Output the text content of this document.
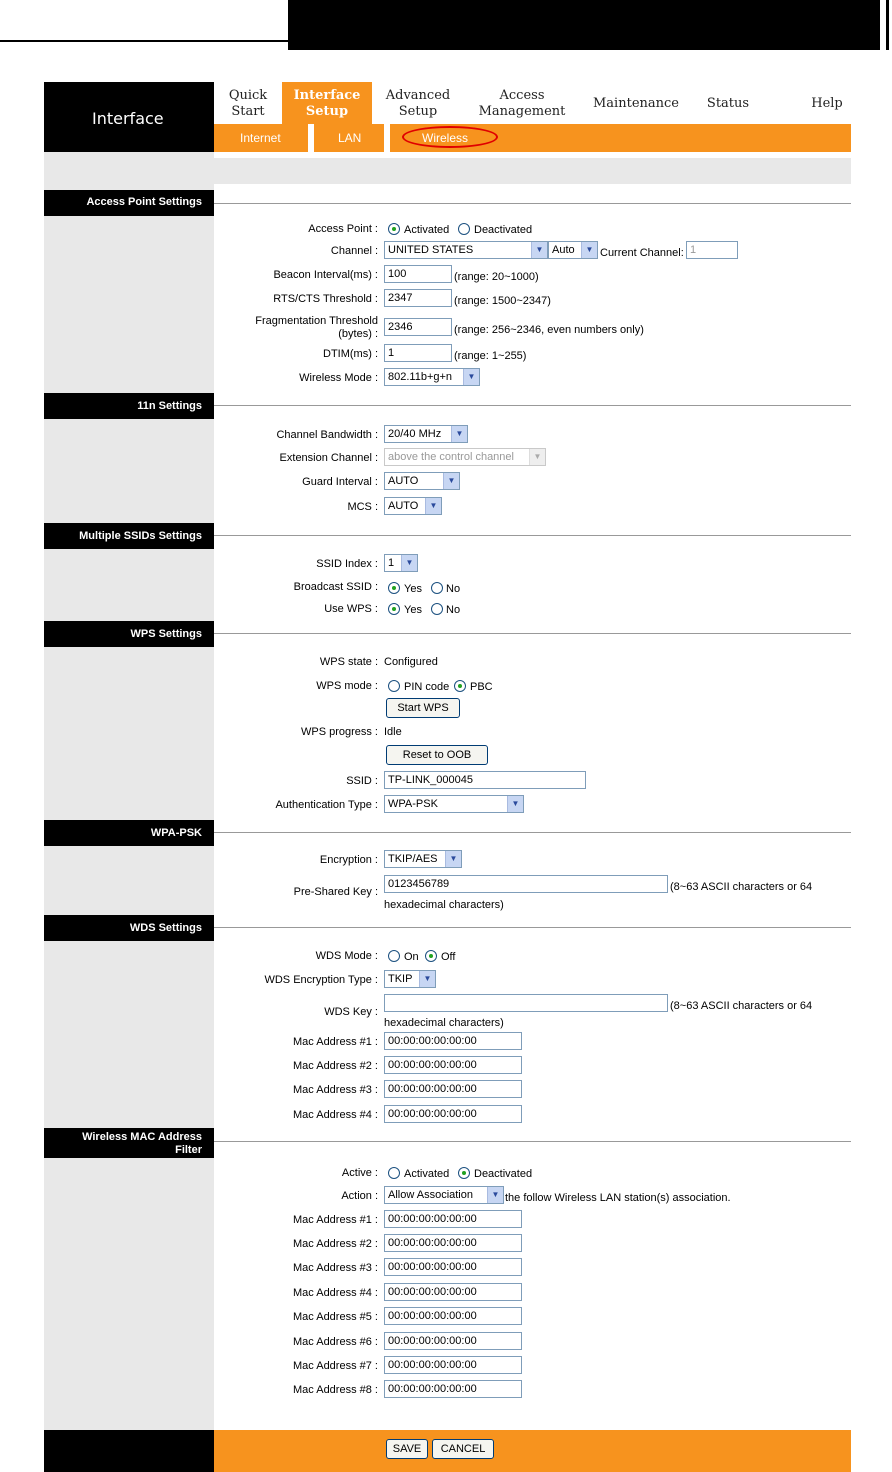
Interface
Quick
Start
Interface
Setup
Advanced
Setup
Access
Management
Maintenance	Status	Help
Internet	LAN	Wireless
Access Point Settings
Access Point : Activated Deactivated
Channel : UNITED STATES	▼ Auto	▼ Current Channel: 1
Beacon Interval(ms) : 100	(range: 20~1000)
RTS/CTS Threshold : 2347	(range: 1500~2347)
Fragmentation Threshold
(bytes) :
2346	(range: 256~2346, even numbers only)
DTIM(ms) : 1	(range: 1~255)
Wireless Mode : 802.11b+g+n	▼
11n Settings
Channel Bandwidth : 20/40 MHz	▼
Extension Channel : above the control channel	▼
Guard Interval : AUTO	▼
MCS : AUTO	▼
Multiple SSIDs Settings
SSID Index : 1	▼
Broadcast SSID : Yes No
Use WPS : Yes No
WPS Settings
WPS state : Configured
WPS mode : PIN code PBC
Start WPS
WPS progress : Idle
Reset to OOB
SSID : TP-LINK_000045
Authentication Type : WPA-PSK	▼
WPA-PSK
Encryption : TKIP/AES	▼
Pre-Shared Key :
0123456789	(8~63 ASCII characters or 64
hexadecimal characters)
WDS Settings
WDS Mode : On Off
WDS Encryption Type : TKIP	▼
WDS Key :	(8~63 ASCII characters or 64
hexadecimal characters)
Mac Address #1 : 00:00:00:00:00:00
Mac Address #2 : 00:00:00:00:00:00
Mac Address #3 : 00:00:00:00:00:00
Mac Address #4 : 00:00:00:00:00:00
Wireless MAC Address
Filter
Active : Activated Deactivated
Action : Allow Association	▼ the follow Wireless LAN station(s) association.
Mac Address #1 : 00:00:00:00:00:00
Mac Address #2 : 00:00:00:00:00:00
Mac Address #3 : 00:00:00:00:00:00
Mac Address #4 : 00:00:00:00:00:00
Mac Address #5 : 00:00:00:00:00:00
Mac Address #6 : 00:00:00:00:00:00
Mac Address #7 : 00:00:00:00:00:00
Mac Address #8 : 00:00:00:00:00:00
SAVE	CANCEL
